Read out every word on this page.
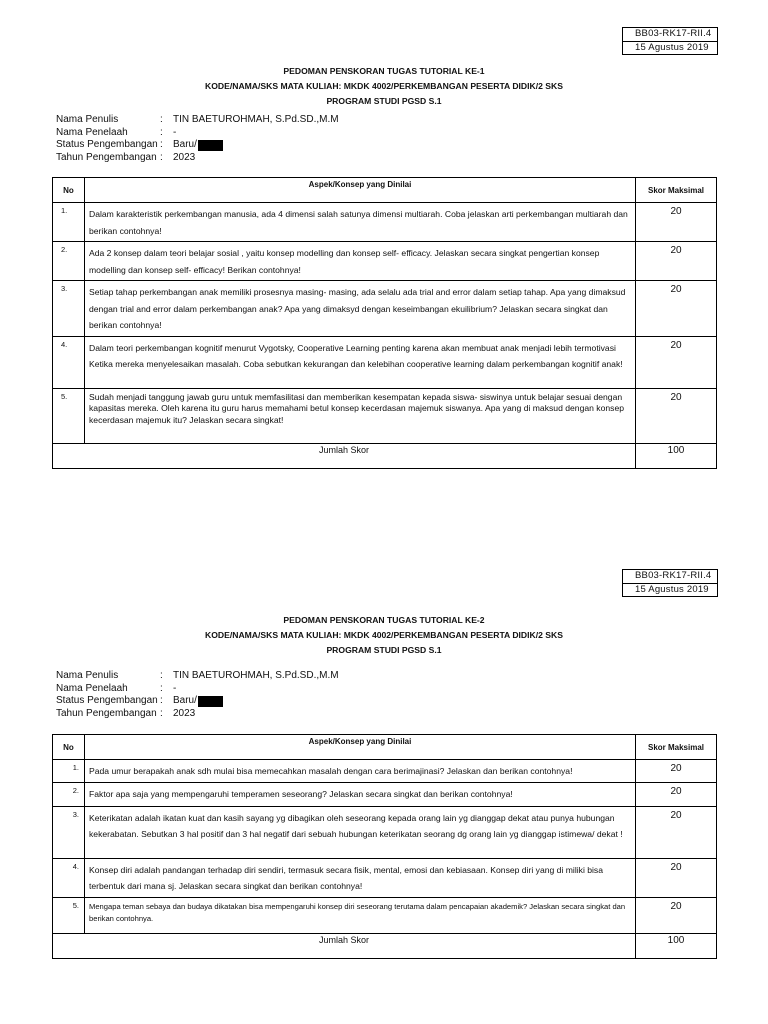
BB03-RK17-RII.4
15 Agustus 2019
PEDOMAN PENSKORAN TUGAS TUTORIAL KE-1
KODE/NAMA/SKS MATA KULIAH: MKDK 4002/PERKEMBANGAN PESERTA DIDIK/2 SKS
PROGRAM STUDI PGSD S.1
Nama Penulis	:	TIN BAETUROHMAH, S.Pd.SD.,M.M
Nama Penelaah	:	-
Status Pengembangan :	Baru/
Tahun Pengembangan :	2023
No	Aspek/Konsep yang Dinilai	Skor Maksimal
1.	Dalam karakteristik perkembangan manusia, ada 4 dimensi salah satunya dimensi multiarah. Coba jelaskan arti perkembangan multiarah dan berikan contohnya!	20
2.	Ada 2 konsep dalam teori belajar sosial , yaitu konsep modelling dan konsep self- efficacy. Jelaskan secara singkat pengertian konsep modelling dan konsep self- efficacy! Berikan contohnya!	20
3.	Setiap tahap perkembangan anak memiliki prosesnya masing- masing, ada selalu ada trial and error dalam setiap tahap. Apa yang dimaksud dengan trial and error dalam perkembangan anak? Apa yang dimaksyd dengan keseimbangan ekuilibrium? Jelaskan secara singkat dan berikan contohnya!	20
4.	Dalam teori perkembangan kognitif menurut Vygotsky, Cooperative Learning penting karena akan membuat anak menjadi lebih termotivasi Ketika mereka menyelesaikan masalah. Coba sebutkan kekurangan dan kelebihan cooperative learning dalam perkembangan kognitif anak!	20
5.	Sudah menjadi tanggung jawab guru untuk memfasilitasi dan memberikan kesempatan kepada siswa- siswinya untuk belajar sesuai dengan kapasitas mereka. Oleh karena itu guru harus memahami betul konsep kecerdasan majemuk siswanya. Apa yang di maksud dengan konsep kecerdasan majemuk itu? Jelaskan secara singkat!	20
Jumlah Skor		100
BB03-RK17-RII.4
15 Agustus 2019
PEDOMAN PENSKORAN TUGAS TUTORIAL KE-2
KODE/NAMA/SKS MATA KULIAH: MKDK 4002/PERKEMBANGAN PESERTA DIDIK/2 SKS
PROGRAM STUDI PGSD S.1
Nama Penulis	:	TIN BAETUROHMAH, S.Pd.SD.,M.M
Nama Penelaah	:	-
Status Pengembangan :	Baru/
Tahun Pengembangan :	2023
No	Aspek/Konsep yang Dinilai	Skor Maksimal
1.	Pada umur berapakah anak sdh mulai bisa memecahkan masalah dengan cara berimajinasi? Jelaskan dan berikan contohnya!	20
2.	Faktor apa saja yang mempengaruhi temperamen seseorang? Jelaskan secara singkat dan berikan contohnya!	20
3.	Keterikatan adalah ikatan kuat dan kasih sayang yg dibagikan oleh seseorang kepada orang lain yg dianggap dekat atau punya hubungan kekerabatan. Sebutkan 3 hal positif dan 3 hal negatif dari sebuah hubungan keterikatan seorang dg orang lain yg dianggap istimewa/ dekat !	20
4.	Konsep diri adalah pandangan terhadap diri sendiri, termasuk secara fisik, mental, emosi dan kebiasaan. Konsep diri yang di miliki bisa terbentuk dari mana sj. Jelaskan secara singkat dan berikan contohnya!	20
5.	Mengapa teman sebaya dan budaya dikatakan bisa mempengaruhi konsep diri seseorang terutama dalam pencapaian akademik? Jelaskan secara singkat dan berikan contohnya.	20
Jumlah Skor		100
